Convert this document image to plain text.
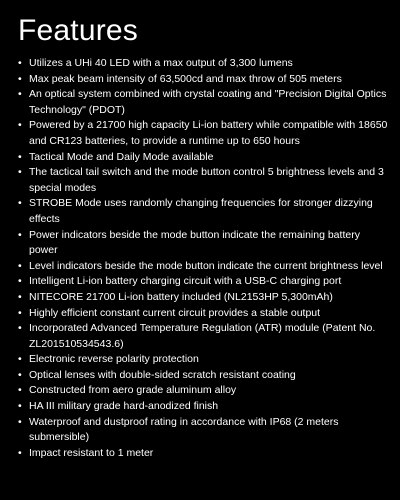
Features
• Utilizes a UHi 40 LED with a max output of 3,300 lumens
• Max peak beam intensity of 63,500cd and max throw of 505 meters
• An optical system combined with crystal coating and "Precision Digital Optics Technology" (PDOT)
• Powered by a 21700 high capacity Li-ion battery while compatible with 18650 and CR123 batteries, to provide a runtime up to 650 hours
• Tactical Mode and Daily Mode available
• The tactical tail switch and the mode button control 5 brightness levels and 3 special modes
• STROBE Mode uses randomly changing frequencies for stronger dizzying effects
• Power indicators beside the mode button indicate the remaining battery power
• Level indicators beside the mode button indicate the current brightness level
• Intelligent Li-ion battery charging circuit with a USB-C charging port
• NITECORE 21700 Li-ion battery included (NL2153HP 5,300mAh)
• Highly efficient constant current circuit provides a stable output
• Incorporated Advanced Temperature Regulation (ATR) module (Patent No. ZL201510534543.6)
• Electronic reverse polarity protection
• Optical lenses with double-sided scratch resistant coating
• Constructed from aero grade aluminum alloy
• HA III military grade hard-anodized finish
• Waterproof and dustproof rating in accordance with IP68 (2 meters submersible)
• Impact resistant to 1 meter
